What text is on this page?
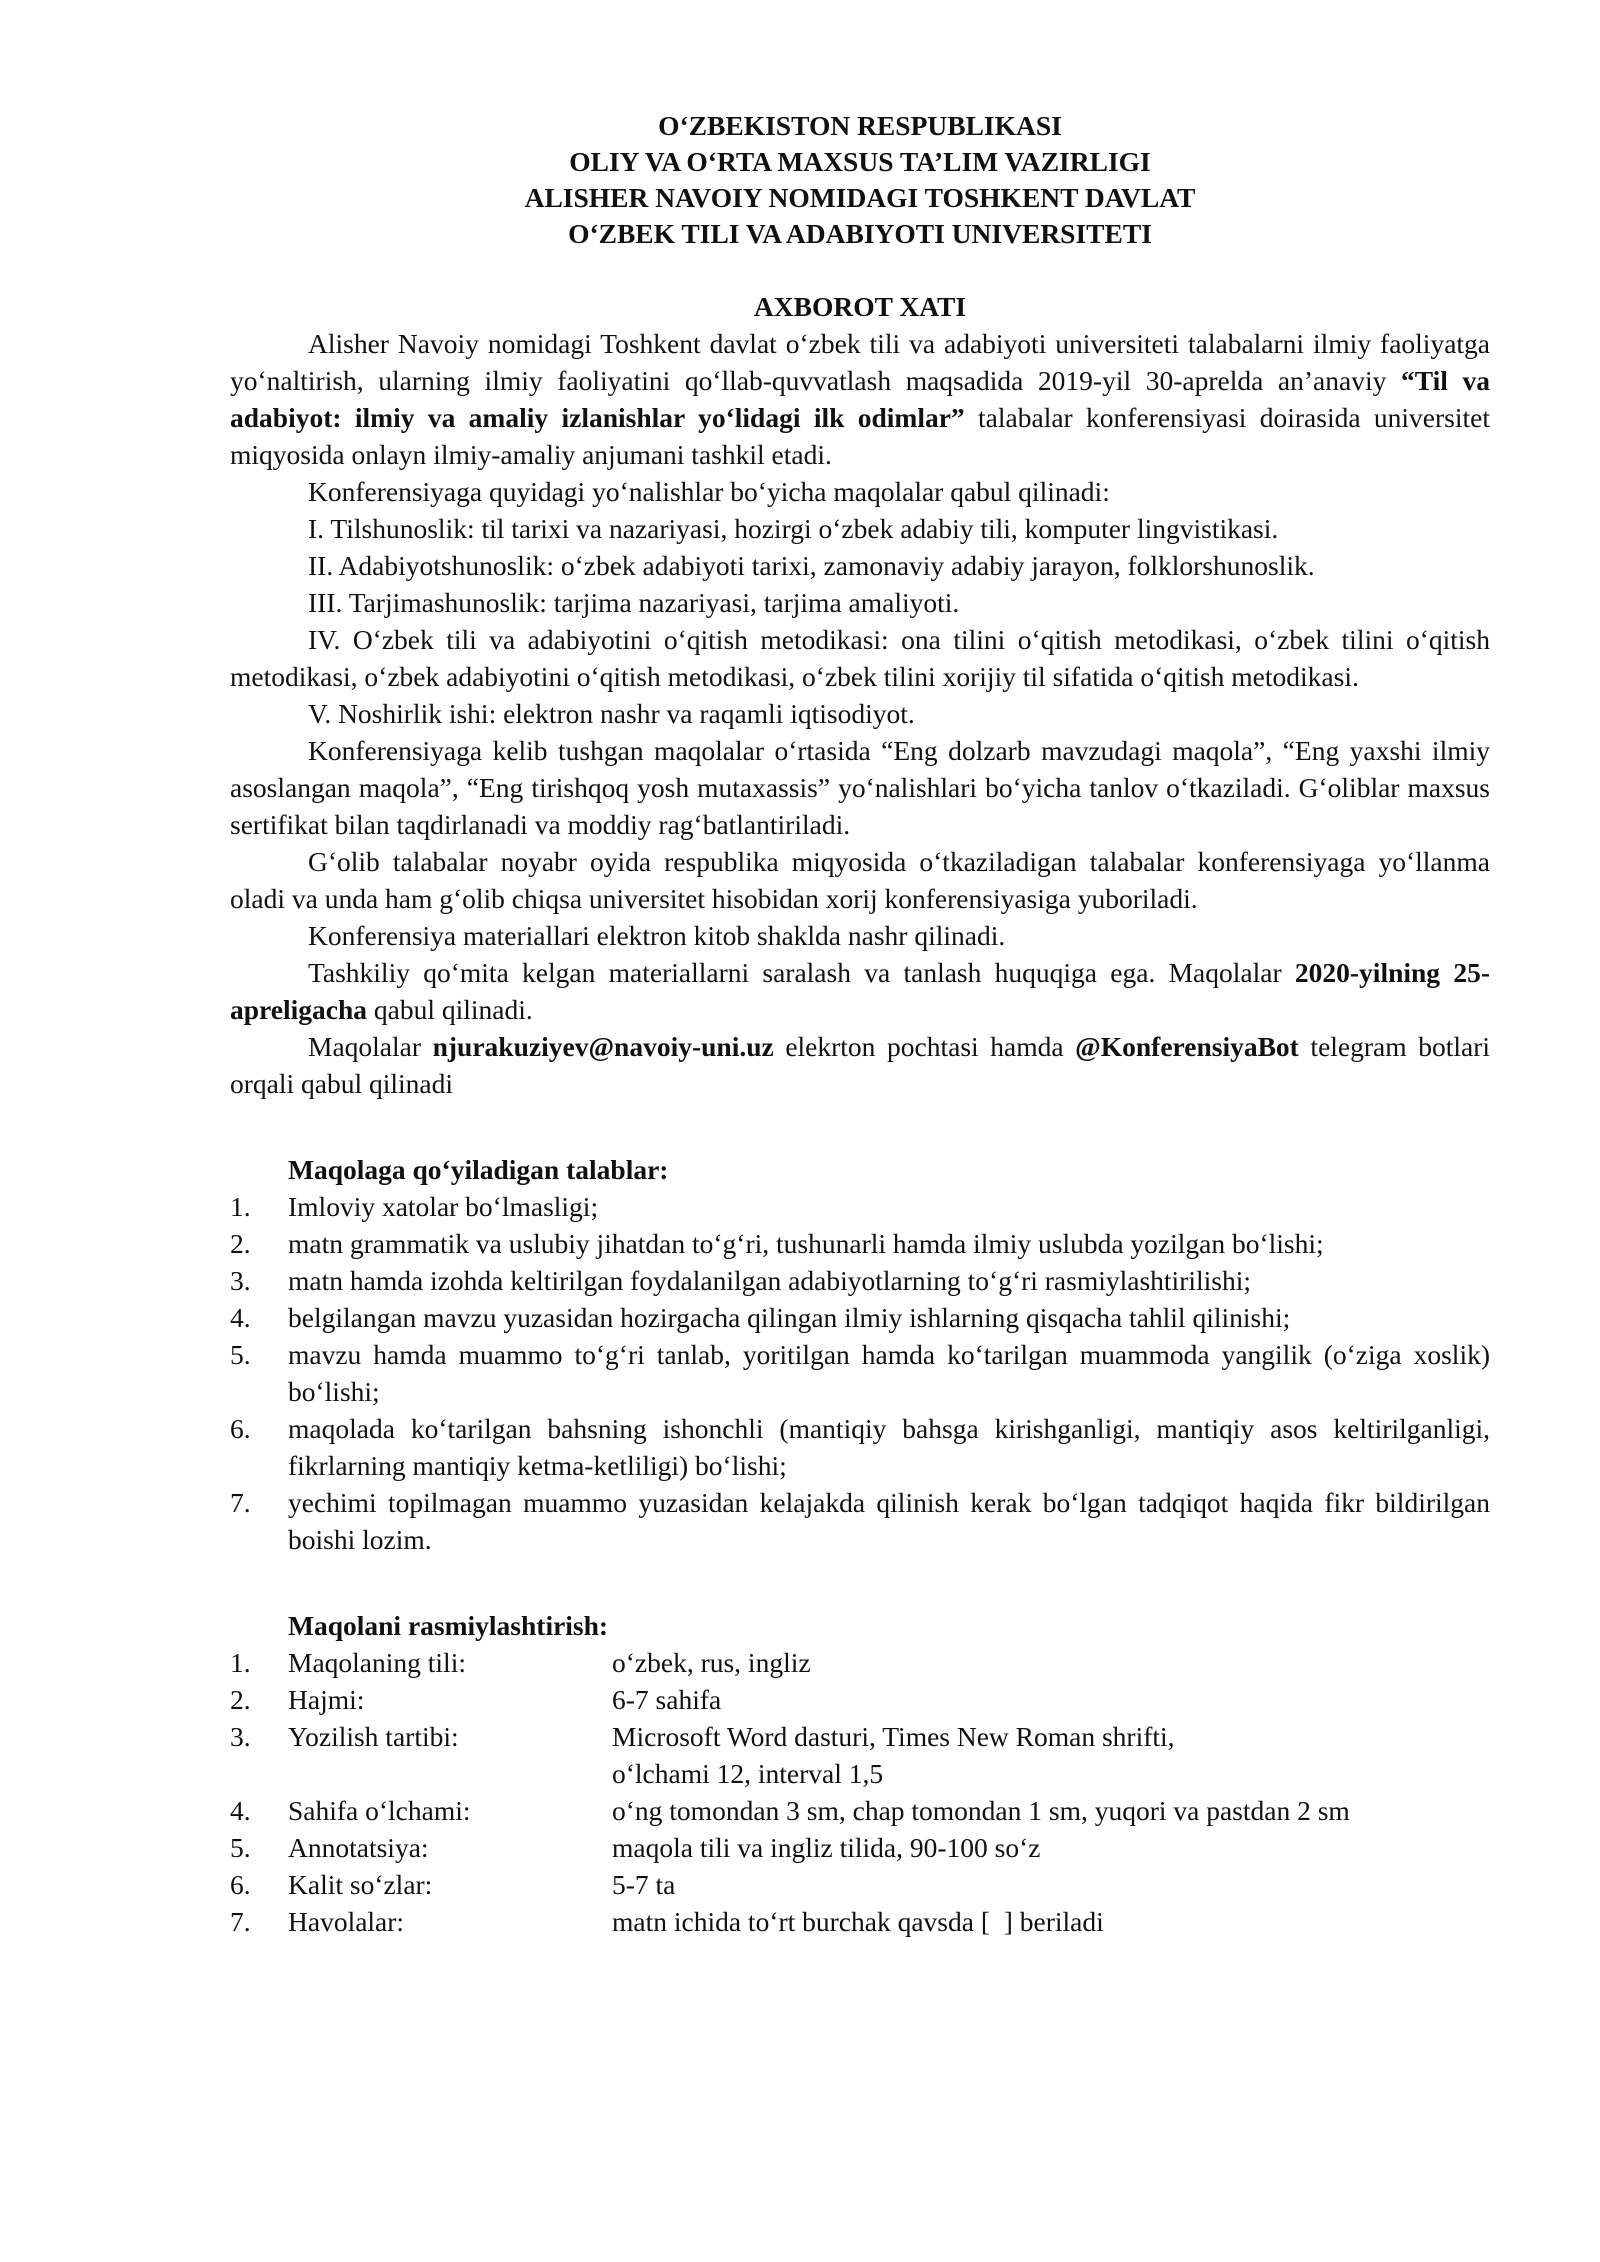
O‘ZBEKISTON RESPUBLIKASI
OLIY VA O‘RTA MAXSUS TA’LIM VAZIRLIGI
ALISHER NAVOIY NOMIDAGI TOSHKENT DAVLAT
O‘ZBEK TILI VA ADABIYOTI UNIVERSITETI
AXBOROT XATI

Alisher Navoiy nomidagi Toshkent davlat o‘zbek tili va adabiyoti universiteti talabalarni ilmiy faoliyatga yo‘naltirish, ularning ilmiy faoliyatini qo‘llab-quvvatlash maqsadida 2019-yil 30-aprelda an’anaviy “Til va adabiyot: ilmiy va amaliy izlanishlar yo‘lidagi ilk odimlar” talabalar konferensiyasi doirasida universitet miqyosida onlayn ilmiy-amaliy anjumani tashkil etadi.

Konferensiyaga quyidagi yo‘nalishlar bo‘yicha maqolalar qabul qilinadi:

I. Tilshunoslik: til tarixi va nazariyasi, hozirgi o‘zbek adabiy tili, komputer lingvistikasi.

II. Adabiyotshunoslik: o‘zbek adabiyoti tarixi, zamonaviy adabiy jarayon, folklorshunoslik.

III. Tarjimashunoslik: tarjima nazariyasi, tarjima amaliyoti.

IV. O‘zbek tili va adabiyotini o‘qitish metodikasi: ona tilini o‘qitish metodikasi, o‘zbek tilini o‘qitish metodikasi, o‘zbek adabiyotini o‘qitish metodikasi, o‘zbek tilini xorijiy til sifatida o‘qitish metodikasi.

V. Noshirlik ishi: elektron nashr va raqamli iqtisodiyot.

Konferensiyaga kelib tushgan maqolalar o‘rtasida “Eng dolzarb mavzudagi maqola”, “Eng yaxshi ilmiy asoslangan maqola”, “Eng tirishqoq yosh mutaxassis” yo‘nalishlari bo‘yicha tanlov o‘tkaziladi. G‘oliblar maxsus sertifikat bilan taqdirlanadi va moddiy rag‘batlantiriladi.

G‘olib talabalar noyabr oyida respublika miqyosida o‘tkaziladigan talabalar konferensiyaga yo‘llanma oladi va unda ham g‘olib chiqsa universitet hisobidan xorij konferensiyasiga yuboriladi.

Konferensiya materiallari elektron kitob shaklda nashr qilinadi.

Tashkiliy qo‘mita kelgan materiallarni saralash va tanlash huquqiga ega. Maqolalar 2020-yilning 25-apreligacha qabul qilinadi.

Maqolalar njurakuziyev@navoiy-uni.uz elekrton pochtasi hamda @KonferensiyaBot telegram botlari orqali qabul qilinadi

Maqolaga qo‘yiladigan talablar:
1. Imloviy xatolar bo‘lmasligi;
2. matn grammatik va uslubiy jihatdan to‘g‘ri, tushunarli hamda ilmiy uslubda yozilgan bo‘lishi;
3. matn hamda izohda keltirilgan foydalanilgan adabiyotlarning to‘g‘ri rasmiylashtirilishi;
4. belgilangan mavzu yuzasidan hozirgacha qilingan ilmiy ishlarning qisqacha tahlil qilinishi;
5. mavzu hamda muammo to‘g‘ri tanlab, yoritilgan hamda ko‘tarilgan muammoda yangilik (o‘ziga xoslik) bo‘lishi;
6. maqolada ko‘tarilgan bahsning ishonchli (mantiqiy bahsga kirishganligi, mantiqiy asos keltirilganligi, fikrlarning mantiqiy ketma-ketliligi) bo‘lishi;
7. yechimi topilmagan muammo yuzasidan kelajakda qilinish kerak bo‘lgan tadqiqot haqida fikr bildirilgan boishi lozim.
Maqolani rasmiylashtirish:
1.	Maqolaning tili:	o‘zbek, rus, ingliz
2.	Hajmi:	6-7 sahifa
3.	Yozilish tartibi:	Microsoft Word dasturi, Times New Roman shrifti,
o‘lchami 12, interval 1,5
4.	Sahifa o‘lchami:	o‘ng tomondan 3 sm, chap tomondan 1 sm, yuqori va pastdan 2 sm
5.	Annotatsiya:	maqola tili va ingliz tilida, 90-100 so‘z
6.	Kalit so‘zlar:	5-7 ta
7.	Havolalar:	matn ichida to‘rt burchak qavsda [  ] beriladi
